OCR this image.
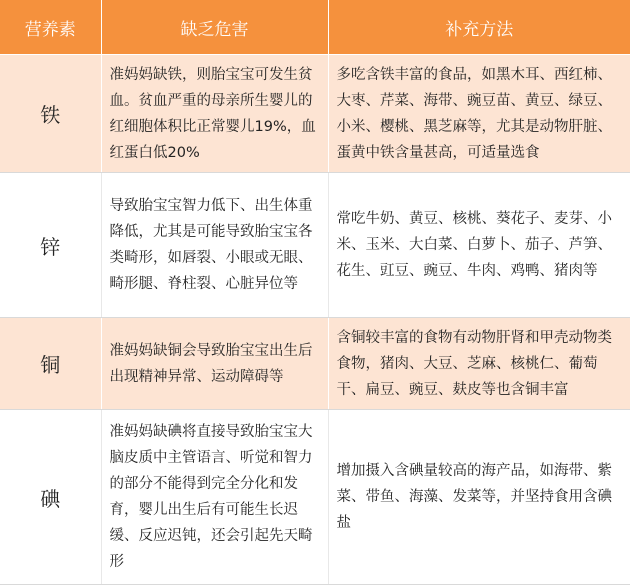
营养素	缺乏危害	补充方法
铁	准妈妈缺铁，则胎宝宝可发生贫血。贫血严重的母亲所生婴儿的红细胞体积比正常婴儿19%，血红蛋白低20%	多吃含铁丰富的食品，如黑木耳、西红柿、大枣、芹菜、海带、豌豆苗、黄豆、绿豆、小米、樱桃、黑芝麻等，尤其是动物肝脏、蛋黄中铁含量甚高，可适量选食
锌	导致胎宝宝智力低下、出生体重降低，尤其是可能导致胎宝宝各类畸形，如唇裂、小眼或无眼、畸形腿、脊柱裂、心脏异位等	常吃牛奶、黄豆、核桃、葵花子、麦芽、小米、玉米、大白菜、白萝卜、茄子、芦笋、花生、豇豆、豌豆、牛肉、鸡鸭、猪肉等
铜	准妈妈缺铜会导致胎宝宝出生后出现精神异常、运动障碍等	含铜较丰富的食物有动物肝肾和甲壳动物类食物，猪肉、大豆、芝麻、核桃仁、葡萄干、扁豆、豌豆、麸皮等也含铜丰富
碘	准妈妈缺碘将直接导致胎宝宝大脑皮质中主管语言、听觉和智力的部分不能得到完全分化和发育，婴儿出生后有可能生长迟缓、反应迟钝，还会引起先天畸形	增加摄入含碘量较高的海产品，如海带、紫菜、带鱼、海藻、发菜等，并坚持食用含碘盐
